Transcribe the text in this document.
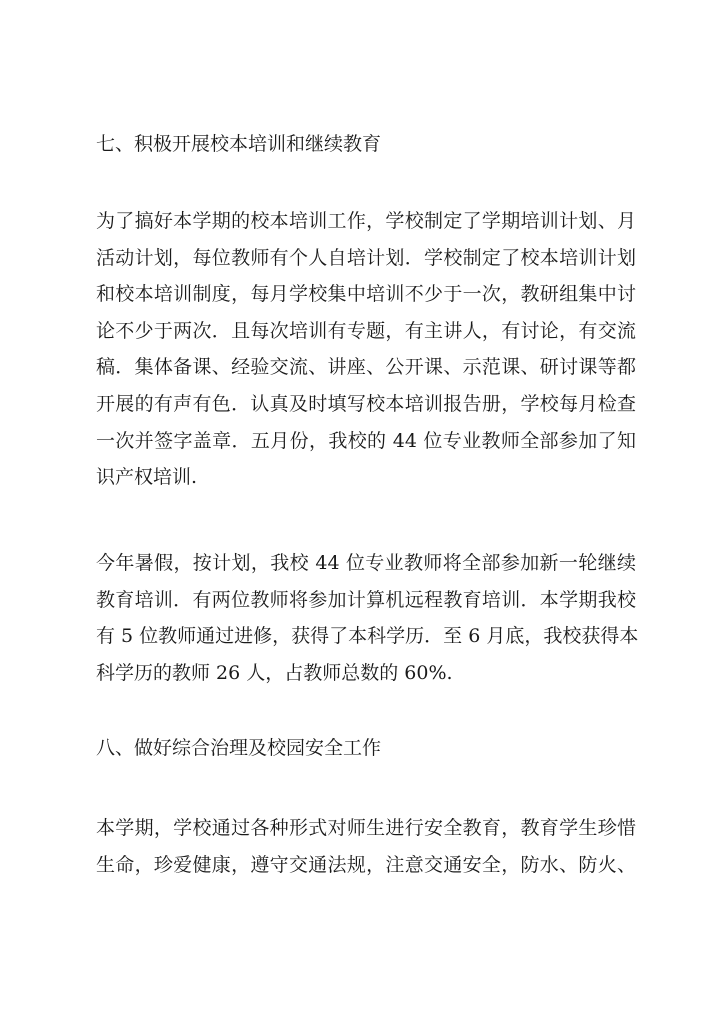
七、积极开展校本培训和继续教育
为了搞好本学期的校本培训工作，学校制定了学期培训计划、月
活动计划，每位教师有个人自培计划．学校制定了校本培训计划
和校本培训制度，每月学校集中培训不少于一次，教研组集中讨
论不少于两次．且每次培训有专题，有主讲人，有讨论，有交流
稿．集体备课、经验交流、讲座、公开课、示范课、研讨课等都
开展的有声有色．认真及时填写校本培训报告册，学校每月检查
一次并签字盖章．五月份，我校的 44 位专业教师全部参加了知
识产权培训.
今年暑假，按计划，我校 44 位专业教师将全部参加新一轮继续
教育培训．有两位教师将参加计算机远程教育培训．本学期我校
有 5 位教师通过进修，获得了本科学历．至 6 月底，我校获得本
科学历的教师 26 人，占教师总数的 60%.
八、做好综合治理及校园安全工作
本学期，学校通过各种形式对师生进行安全教育，教育学生珍惜
生命，珍爱健康，遵守交通法规，注意交通安全，防水、防火、
